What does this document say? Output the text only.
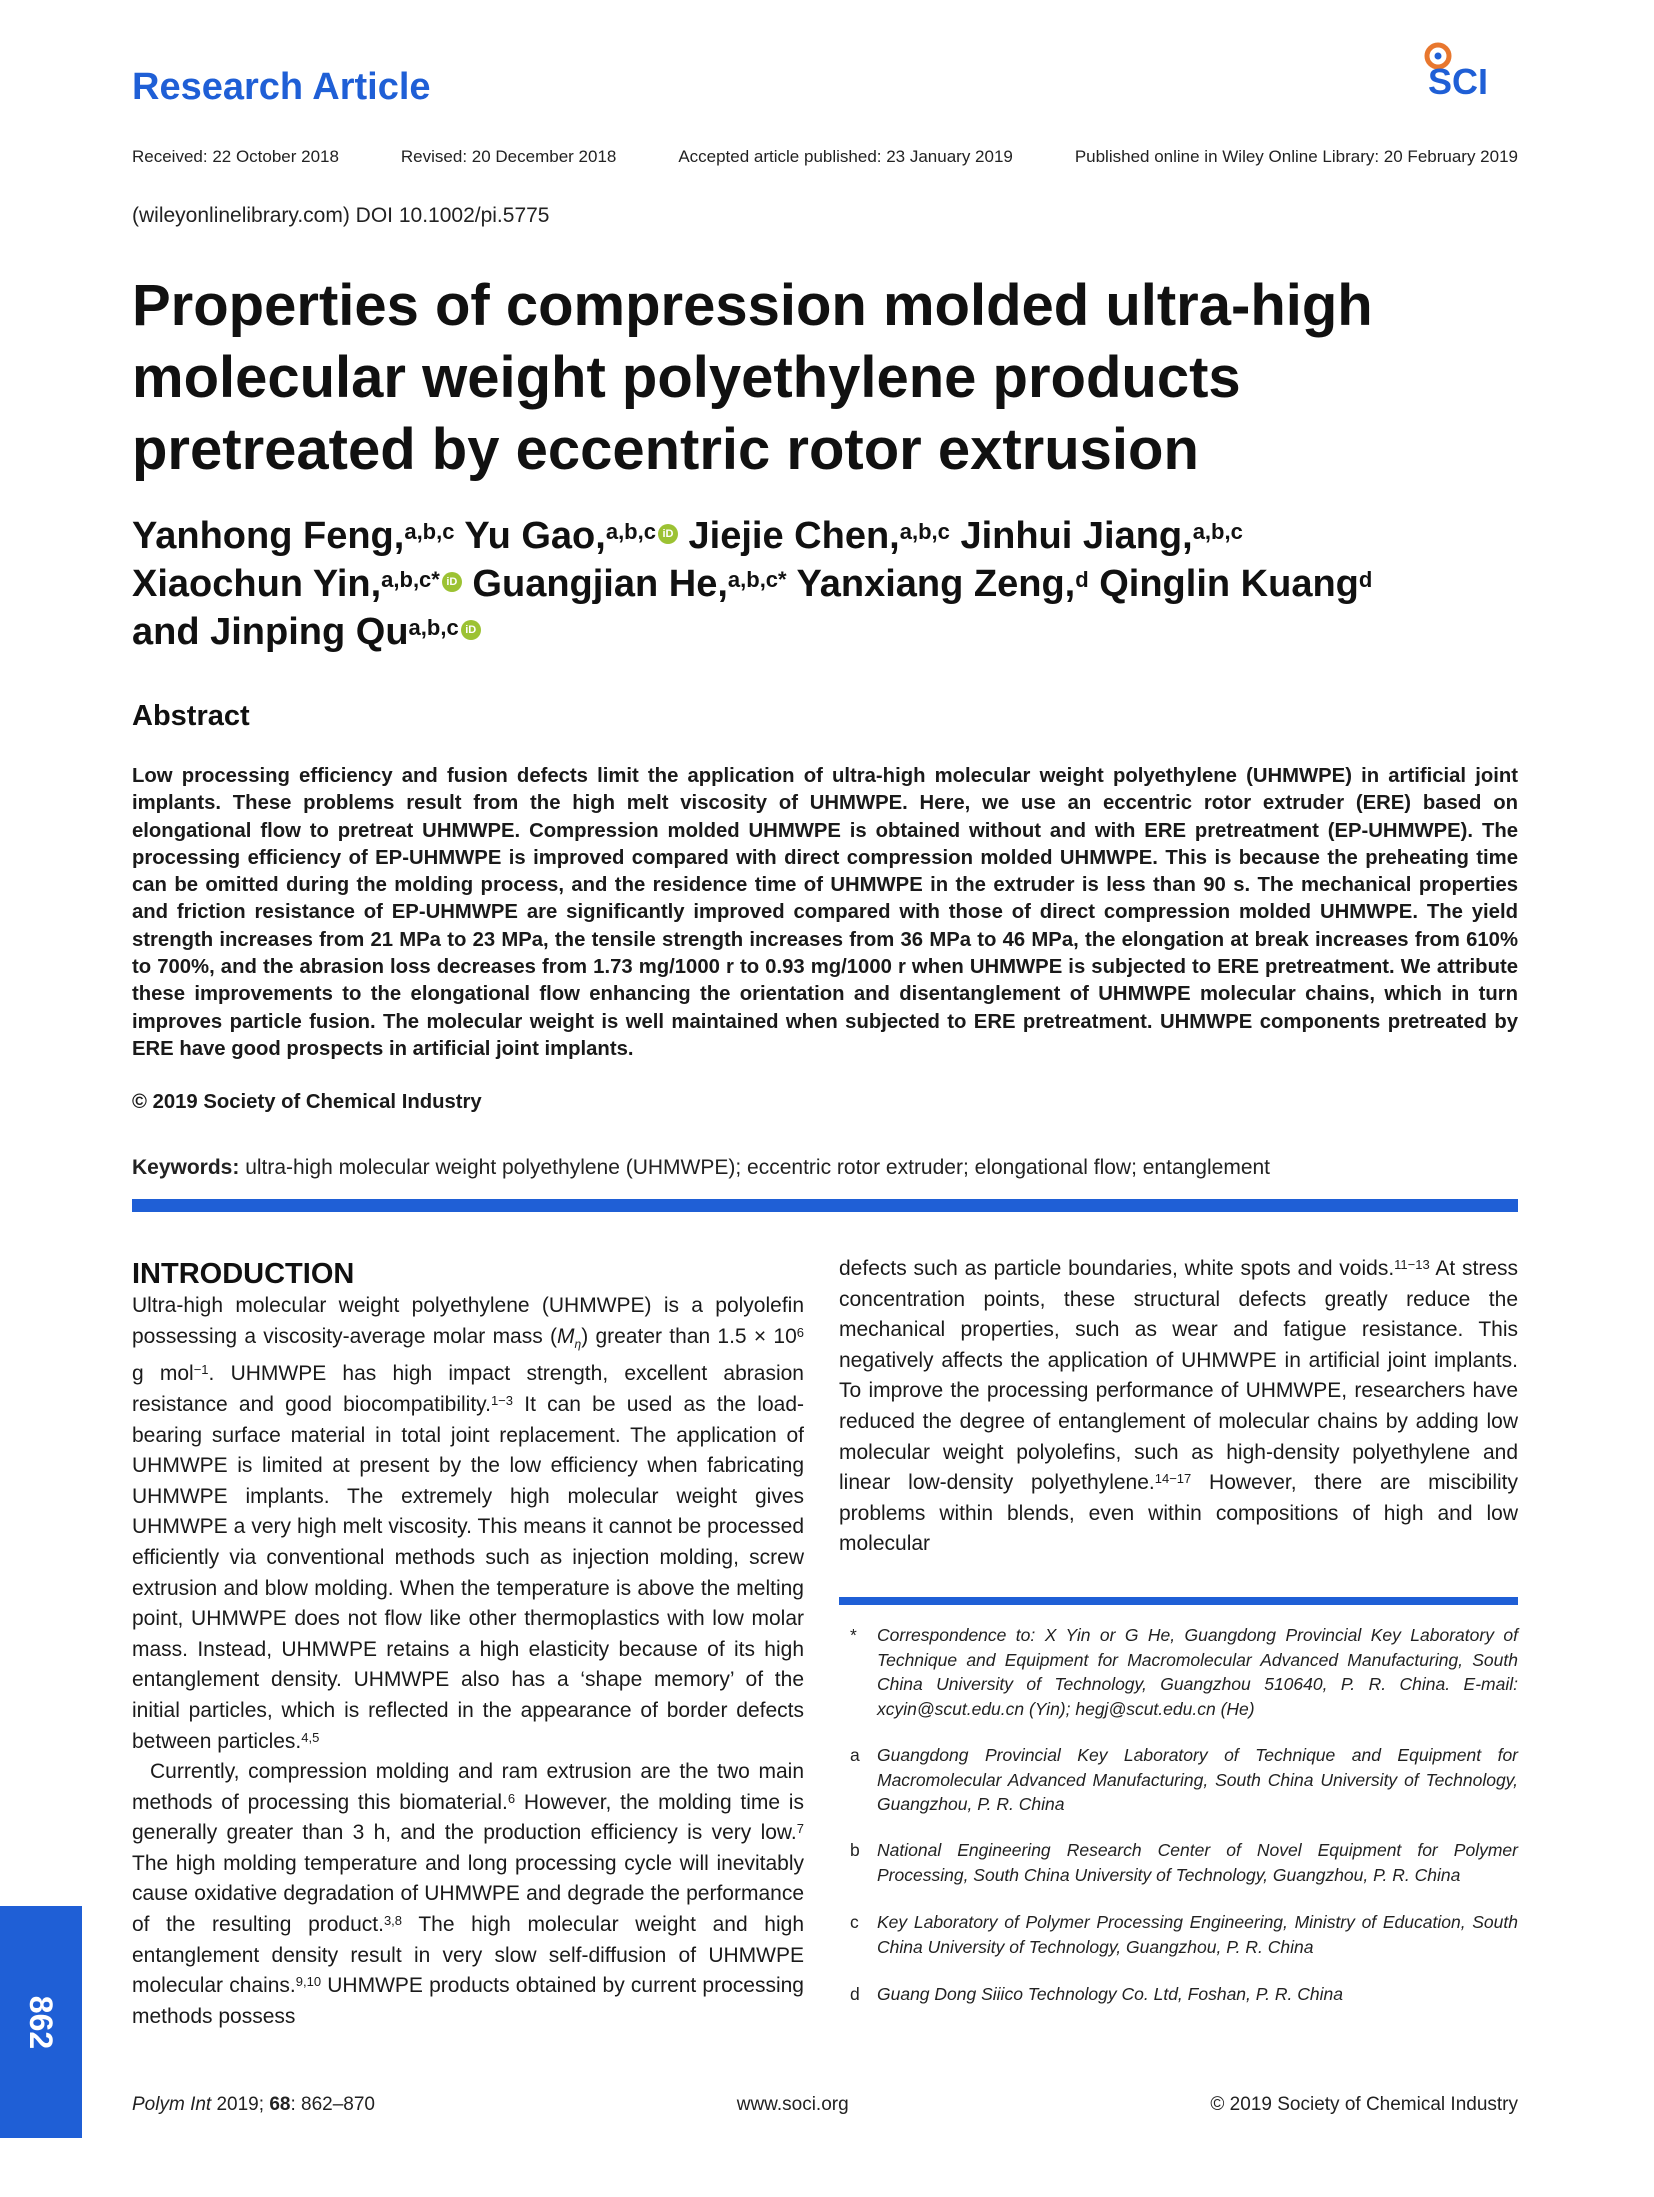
Research Article	SCI
Received: 22 October 2018	Revised: 20 December 2018	Accepted article published: 23 January 2019	Published online in Wiley Online Library: 20 February 2019
(wileyonlinelibrary.com) DOI 10.1002/pi.5775
Properties of compression molded ultra-high molecular weight polyethylene products pretreated by eccentric rotor extrusion
Yanhong Feng,$^{a,b,c}$ Yu Gao,$^{a,b,c}$ iD Jiejie Chen,$^{a,b,c}$ Jinhui Jiang,$^{a,b,c}$
Xiaochun Yin,$^{a,b,c*}$ iD Guangjian He,$^{a,b,c*}$ Yanxiang Zeng,$^d$ Qinglin Kuang$^d$
and Jinping Qu$^{a,b,c}$ iD
Abstract
Low processing efficiency and fusion defects limit the application of ultra-high molecular weight polyethylene (UHMWPE) in artificial joint implants. These problems result from the high melt viscosity of UHMWPE. Here, we use an eccentric rotor extruder (ERE) based on elongational flow to pretreat UHMWPE. Compression molded UHMWPE is obtained without and with ERE pretreatment (EP-UHMWPE). The processing efficiency of EP-UHMWPE is improved compared with direct compression molded UHMWPE. This is because the preheating time can be omitted during the molding process, and the residence time of UHMWPE in the extruder is less than 90 s. The mechanical properties and friction resistance of EP-UHMWPE are significantly improved compared with those of direct compression molded UHMWPE. The yield strength increases from 21 MPa to 23 MPa, the tensile strength increases from 36 MPa to 46 MPa, the elongation at break increases from 610% to 700%, and the abrasion loss decreases from 1.73 mg/1000 r to 0.93 mg/1000 r when UHMWPE is subjected to ERE pretreatment. We attribute these improvements to the elongational flow enhancing the orientation and disentanglement of UHMWPE molecular chains, which in turn improves particle fusion. The molecular weight is well maintained when subjected to ERE pretreatment. UHMWPE components pretreated by ERE have good prospects in artificial joint implants.
© 2019 Society of Chemical Industry
Keywords: ultra-high molecular weight polyethylene (UHMWPE); eccentric rotor extruder; elongational flow; entanglement
INTRODUCTION

Ultra-high molecular weight polyethylene (UHMWPE) is a polyolefin possessing a viscosity-average molar mass $(M_\eta)$ greater than $1.5 \times 10^6$ g mol$^{-1}$. UHMWPE has high impact strength, excellent abrasion resistance and good biocompatibility.$^{1-3}$ It can be used as the load-bearing surface material in total joint replacement. The application of UHMWPE is limited at present by the low efficiency when fabricating UHMWPE implants. The extremely high molecular weight gives UHMWPE a very high melt viscosity. This means it cannot be processed efficiently via conventional methods such as injection molding, screw extrusion and blow molding. When the temperature is above the melting point, UHMWPE does not flow like other thermoplastics with low molar mass. Instead, UHMWPE retains a high elasticity because of its high entanglement density. UHMWPE also has a ‘shape memory’ of the initial particles, which is reflected in the appearance of border defects between particles.$^{4,5}$

Currently, compression molding and ram extrusion are the two main methods of processing this biomaterial.$^6$ However, the molding time is generally greater than 3 h, and the production efficiency is very low.$^7$ The high molding temperature and long processing cycle will inevitably cause oxidative degradation of UHMWPE and degrade the performance of the resulting product.$^{3,8}$ The high molecular weight and high entanglement density result in very slow self-diffusion of UHMWPE molecular chains.$^{9,10}$ UHMWPE products obtained by current processing methods possess

defects such as particle boundaries, white spots and voids.$^{11-13}$ At stress concentration points, these structural defects greatly reduce the mechanical properties, such as wear and fatigue resistance. This negatively affects the application of UHMWPE in artificial joint implants. To improve the processing performance of UHMWPE, researchers have reduced the degree of entanglement of molecular chains by adding low molecular weight polyolefins, such as high-density polyethylene and linear low-density polyethylene.$^{14-17}$ However, there are miscibility problems within blends, even within compositions of high and low molecular

* Correspondence to: X Yin or G He, Guangdong Provincial Key Laboratory of Technique and Equipment for Macromolecular Advanced Manufacturing, South China University of Technology, Guangzhou 510640, P. R. China. E-mail: xcyin@scut.edu.cn (Yin); hegj@scut.edu.cn (He)
a Guangdong Provincial Key Laboratory of Technique and Equipment for Macromolecular Advanced Manufacturing, South China University of Technology, Guangzhou, P. R. China
b National Engineering Research Center of Novel Equipment for Polymer Processing, South China University of Technology, Guangzhou, P. R. China
c Key Laboratory of Polymer Processing Engineering, Ministry of Education, South China University of Technology, Guangzhou, P. R. China
d Guang Dong Siiico Technology Co. Ltd, Foshan, P. R. China
862
Polym Int 2019; 68: 862–870	www.soci.org	© 2019 Society of Chemical Industry
